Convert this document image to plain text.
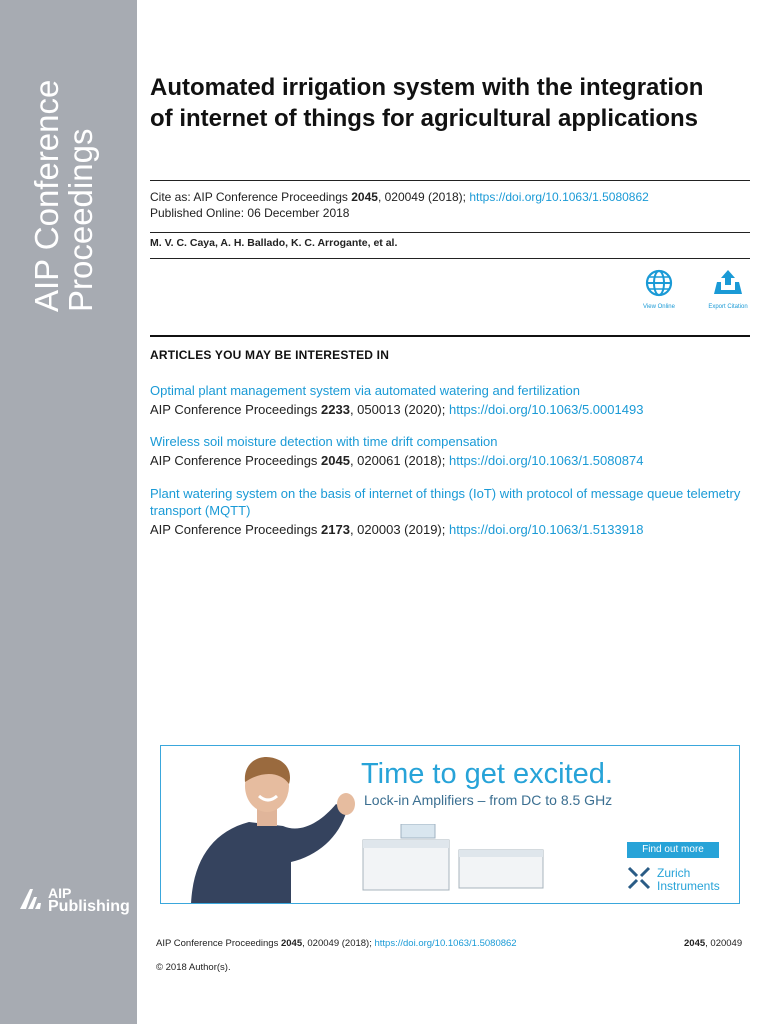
AIP Conference
Proceedings
AIP
Publishing
Automated irrigation system with the integration of internet of things for agricultural applications
Cite as: AIP Conference Proceedings 2045, 020049 (2018); https://doi.org/10.1063/1.5080862
Published Online: 06 December 2018
M. V. C. Caya, A. H. Ballado, K. C. Arrogante, et al.
View Online	Export Citation
ARTICLES YOU MAY BE INTERESTED IN
Optimal plant management system via automated watering and fertilization
AIP Conference Proceedings 2233, 050013 (2020); https://doi.org/10.1063/5.0001493
Wireless soil moisture detection with time drift compensation
AIP Conference Proceedings 2045, 020061 (2018); https://doi.org/10.1063/1.5080874
Plant watering system on the basis of internet of things (IoT) with protocol of message queue telemetry transport (MQTT)
AIP Conference Proceedings 2173, 020003 (2019); https://doi.org/10.1063/1.5133918
Time to get excited.
Lock-in Amplifiers – from DC to 8.5 GHz
Find out more
Zurich
Instruments
AIP Conference Proceedings 2045, 020049 (2018); https://doi.org/10.1063/1.5080862	2045, 020049
© 2018 Author(s).
